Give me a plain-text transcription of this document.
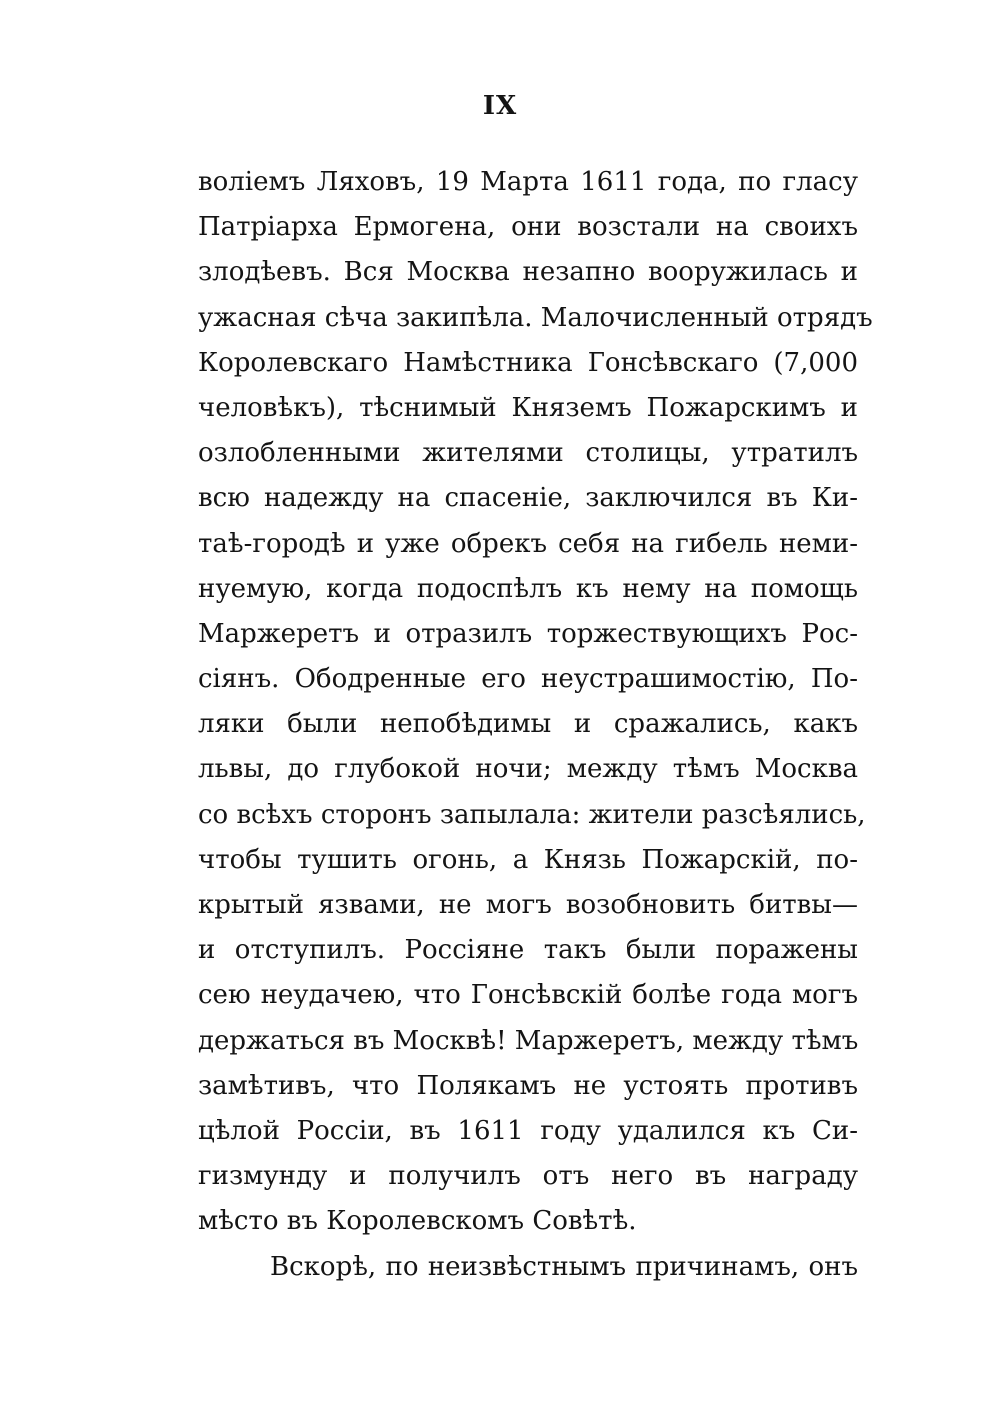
IX
волiемъ Ляховъ, 19 Марта 1611 года, по гласу
Патрiарха Ермогена, они возстали на своихъ
злодѣевъ. Вся Москва незапно вооружилась и
ужасная сѣча закипѣла. Малочисленный отрядъ
Королевскаго Намѣстника Гонсѣвскаго (7,000
человѣкъ), тѣснимый Княземъ Пожарскимъ и
озлобленными жителями столицы, утратилъ
всю надежду на спасенiе, заключился въ Ки-
таѣ-городѣ и уже обрекъ себя на гибель неми-
нуемую, когда подоспѣлъ къ нему на помощь
Маржеретъ и отразилъ торжествующихъ Рос-
сiянъ. Ободренные его неустрашимостiю, По-
ляки были непобѣдимы и сражались, какъ
львы, до глубокой ночи; между тѣмъ Москва
со всѣхъ сторонъ запылала: жители разсѣялись,
чтобы тушить огонь, а Князь Пожарскiй, по-
крытый язвами, не могъ возобновить битвы—
и отступилъ. Россiяне такъ были поражены
сею неудачею, что Гонсѣвскiй болѣе года могъ
держаться въ Москвѣ! Маржеретъ, между тѣмъ
замѣтивъ, что Полякамъ не устоять противъ
цѣлой Россiи, въ 1611 году удалился къ Си-
гизмунду и получилъ отъ него въ награду
мѣсто въ Королевскомъ Совѣтѣ.
Вскорѣ, по неизвѣстнымъ причинамъ, онъ
